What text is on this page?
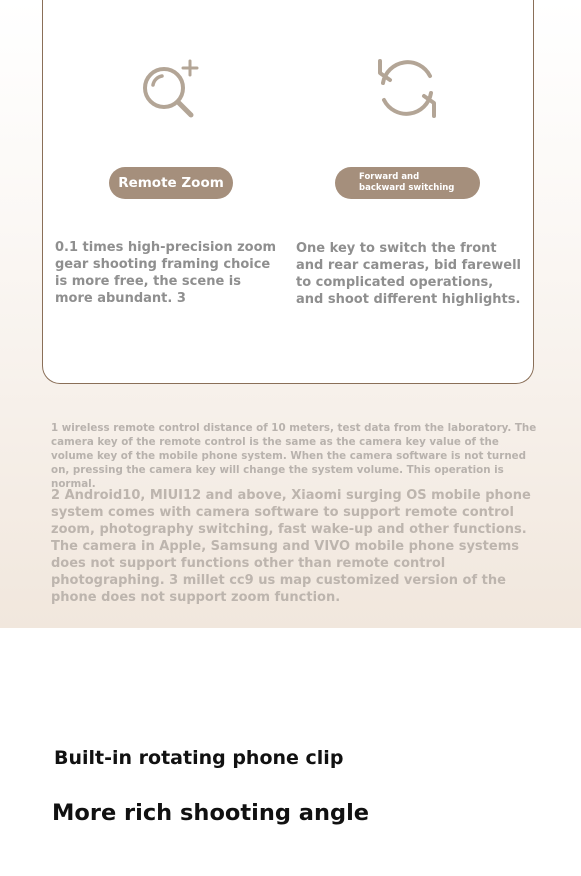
Remote Zoom	Forward and
backward switching
0.1 times high-precision zoom gear shooting framing choice is more free, the scene is more abundant. 3
One key to switch the front and rear cameras, bid farewell to complicated operations, and shoot different highlights.
1 wireless remote control distance of 10 meters, test data from the laboratory. The camera key of the remote control is the same as the camera key value of the volume key of the mobile phone system. When the camera software is not turned on, pressing the camera key will change the system volume. This operation is normal.
2 Android10, MIUI12 and above, Xiaomi surging OS mobile phone system comes with camera software to support remote control zoom, photography switching, fast wake-up and other functions. The camera in Apple, Samsung and VIVO mobile phone systems does not support functions other than remote control photographing. 3 millet cc9 us map customized version of the phone does not support zoom function.
Built-in rotating phone clip
More rich shooting angle
